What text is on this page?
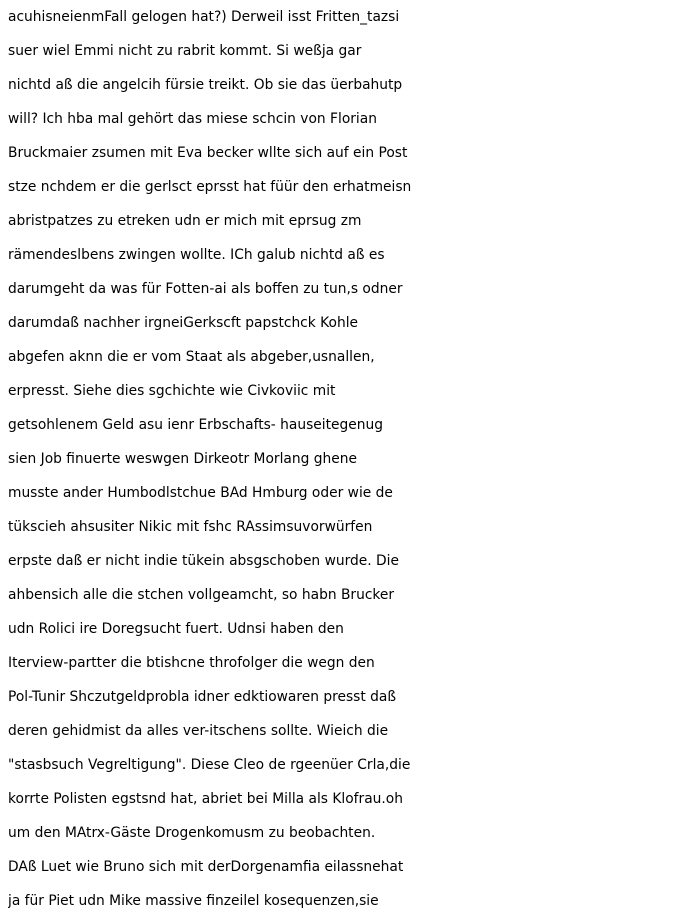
acuhisneienmFall gelogen hat?) Derweil isst Fritten_tazsi
suer wiel Emmi nicht zu rabrit kommt. Si weßja gar
nichtd aß die angelcih fürsie treikt. Ob sie das üerbahutp
will? Ich hba mal gehört das miese schcin von Florian
Bruckmaier zsumen mit Eva becker wllte sich auf ein Post
stze nchdem er die gerlsct eprsst hat füür den erhatmeisn
abristpatzes zu etreken udn er mich mit eprsug zm
rämendeslbens zwingen wollte. ICh galub nichtd aß es
darumgeht da was für Fotten-ai als boffen zu tun,s odner
darumdaß nachher irgneiGerkscft papstchck Kohle
abgefen aknn die er vom Staat als abgeber,usnallen,
erpresst. Siehe dies sgchichte wie Civkoviic mit
getsohlenem Geld asu ienr Erbschafts- hauseitegenug
sien Job finuerte weswgen Dirkeotr Morlang ghene
musste ander Humbodlstchue BAd Hmburg oder wie de
tükscieh ahsusiter Nikic mit fshc RAssimsuvorwürfen
erpste daß er nicht indie tükein absgschoben wurde. Die
ahbensich alle die stchen vollgeamcht, so habn Brucker
udn Rolici ire Doregsucht fuert. Udnsi haben den
Iterview-partter die btishcne throfolger die wegn den
Pol-Tunir Shczutgeldprobla idner edktiowaren presst daß
deren gehidmist da alles ver-itschens sollte. Wieich die
"stasbsuch Vegreltigung". Diese Cleo de rgeenüer Crla,die
korrte Polisten egstsnd hat, abriet bei Milla als Klofrau.oh
um den MAtrx-Gäste Drogenkomusm zu beobachten.
DAß Luet wie Bruno sich mit derDorgenamfia eilassnehat
ja für Piet udn Mike massive finzeilel kosequenzen,sie
